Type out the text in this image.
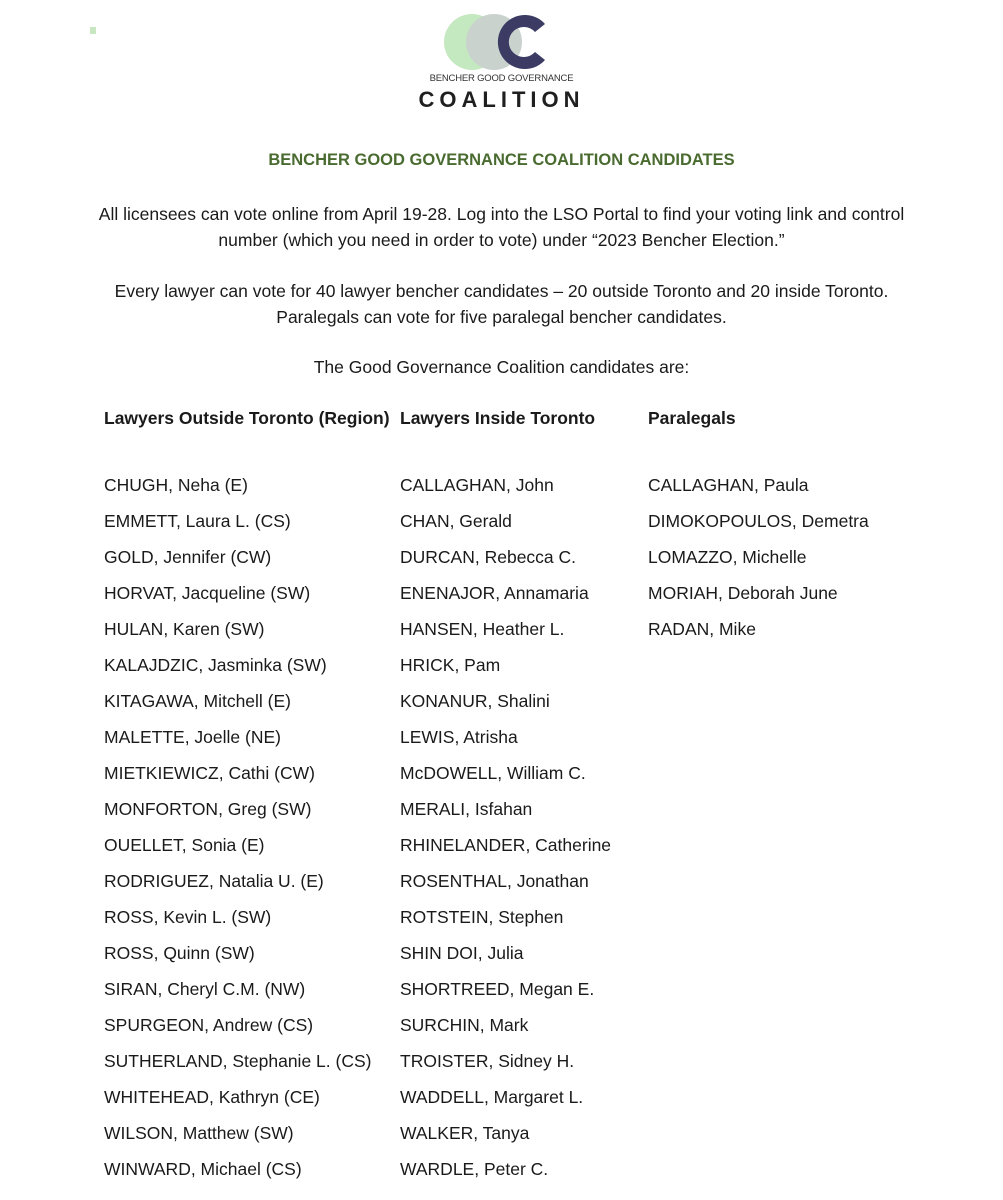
BENCHER GOOD GOVERNANCE
COALITION
BENCHER GOOD GOVERNANCE COALITION CANDIDATES

All licensees can vote online from April 19-28. Log into the LSO Portal to find your voting link and control number (which you need in order to vote) under “2023 Bencher Election.”

Every lawyer can vote for 40 lawyer bencher candidates – 20 outside Toronto and 20 inside Toronto. Paralegals can vote for five paralegal bencher candidates.

The Good Governance Coalition candidates are:

Lawyers Outside Toronto (Region)
CHUGH, Neha (E)
EMMETT, Laura L. (CS)
GOLD, Jennifer (CW)
HORVAT, Jacqueline (SW)
HULAN, Karen (SW)
KALAJDZIC, Jasminka (SW)
KITAGAWA, Mitchell (E)
MALETTE, Joelle (NE)
MIETKIEWICZ, Cathi (CW)
MONFORTON, Greg (SW)
OUELLET, Sonia (E)
RODRIGUEZ, Natalia U. (E)
ROSS, Kevin L. (SW)
ROSS, Quinn (SW)
SIRAN, Cheryl C.M. (NW)
SPURGEON, Andrew (CS)
SUTHERLAND, Stephanie L. (CS)
WHITEHEAD, Kathryn (CE)
WILSON, Matthew (SW)
WINWARD, Michael (CS)
Lawyers Inside Toronto
CALLAGHAN, John
CHAN, Gerald
DURCAN, Rebecca C.
ENENAJOR, Annamaria
HANSEN, Heather L.
HRICK, Pam
KONANUR, Shalini
LEWIS, Atrisha
McDOWELL, William C.
MERALI, Isfahan
RHINELANDER, Catherine
ROSENTHAL, Jonathan
ROTSTEIN, Stephen
SHIN DOI, Julia
SHORTREED, Megan E.
SURCHIN, Mark
TROISTER, Sidney H.
WADDELL, Margaret L.
WALKER, Tanya
WARDLE, Peter C.
Paralegals
CALLAGHAN, Paula
DIMOKOPOULOS, Demetra
LOMAZZO, Michelle
MORIAH, Deborah June
RADAN, Mike
